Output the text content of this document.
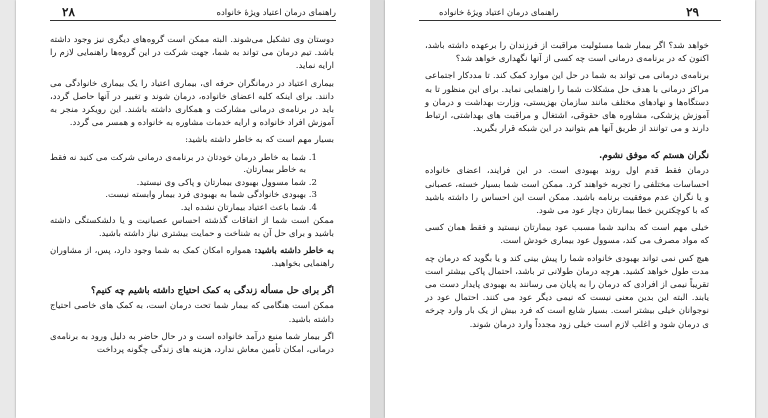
راهنمای درمان اعتیاد ویژهٔ خانواده
۲۸

دوستان وی تشکیل می‌شوند. البته ممکن است گروه‌های دیگری نیز وجود داشته باشد. تیم درمان می تواند به شما، جهت شرکت در این گروه‌ها راهنمایی لازم را ارایه نماید.

بیماری اعتیاد در درمانگران حرفه ای، بیماری اعتیاد را یک بیماری خانوادگی می دانند. برای اینکه کلیه اعضای خانواده، درمان شوند و تغییر در آنها حاصل گردد، باید در برنامه‌ی درمانی مشارکت و همکاری داشته باشند. این رویکرد منجر به آموزش افراد خانواده و ارایه خدمات مشاوره به خانواده و همسر می گردد.

بسیار مهم است که به خاطر داشته باشید:

1. شما به خاطر درمان خودتان در برنامه‌ی درمانی شرکت می کنید نه فقط به خاطر بیمارتان.
2. شما مسوول بهبودی بیمارتان و پاکی وی نیستید.
3. بهبودی خانوادگی شما به بهبودی فرد بیمار وابسته نیست.
4. شما باعث اعتیاد بیمارتان نشده اید.

ممکن است شما از اتفاقات گذشته احساس عصبانیت و یا دلشکستگی داشته باشید و برای حل آن به شناخت و حمایت بیشتری نیاز داشته باشید.

به خاطر داشته باشید: همواره امکان کمک به شما وجود دارد، پس، از مشاوران راهنمایی بخواهید.

اگر برای حل مسأله زندگی به کمک احتیاج داشته باشیم چه کنیم؟

ممکن است هنگامی که بیمار شما تحت درمان است، به کمک های خاصی احتیاج داشته باشید.

اگر بیمار شما منبع درآمد خانواده است و در حال حاضر به دلیل ورود به برنامه‌ی درمانی، امکان تأمین معاش ندارد، هزینه های زندگی چگونه پرداخت

راهنمای درمان اعتیاد ویژهٔ خانواده	۲۹

خواهد شد؟ اگر بیمار شما مسئولیت مراقبت از فرزندان را برعهده داشته باشد، اکنون که در برنامه‌ی درمانی است چه کسی از آنها نگهداری خواهد شد؟

برنامه‌ی درمانی می تواند به شما در حل این موارد کمک کند. تا مددکار اجتماعی مراکز درمانی با هدف حل مشکلات شما را راهنمایی نماید. برای این منظور تا به دستگاه‌ها و نهادهای مختلف مانند سازمان بهزیستی، وزارت بهداشت و درمان و آموزش پزشکی، مشاوره های حقوقی، اشتغال و مراقبت های بهداشتی، ارتباط دارند و می توانند از طریق آنها هم بتوانید در این شبکه قرار بگیرید.

نگران هستم که موفق نشوم.

درمان فقط قدم اول روند بهبودی است. در این فرایند، اعضای خانواده احساسات مختلفی را تجربه خواهند کرد. ممکن است شما بسیار خسته، عصبانی و یا نگران عدم موفقیت برنامه باشید. ممکن است این احساس را داشته باشید که با کوچکترین خطا بیمارتان دچار عود می شود.

خیلی مهم است که بدانید شما مسبب عود بیمارتان نیستید و فقط همان کسی که مواد مصرف می کند، مسوول عود بیماری خودش است.

هیچ کس نمی تواند بهبودی خانواده شما را پیش بینی کند و یا بگوید که درمان چه مدت طول خواهد کشید. هرچه درمان طولانی تر باشد، احتمال پاکی بیشتر است تقریباً نیمی از افرادی که درمان را به پایان می رسانند به بهبودی پایدار دست می یابند. البته این بدین معنی نیست که نیمی دیگر عود می کنند. احتمال عود در نوجوانان خیلی بیشتر است. بسیار شایع است که فرد بیش از یک بار وارد چرخه ی درمان شود و اغلب لازم است خیلی زود مجدداً وارد درمان شوند.
